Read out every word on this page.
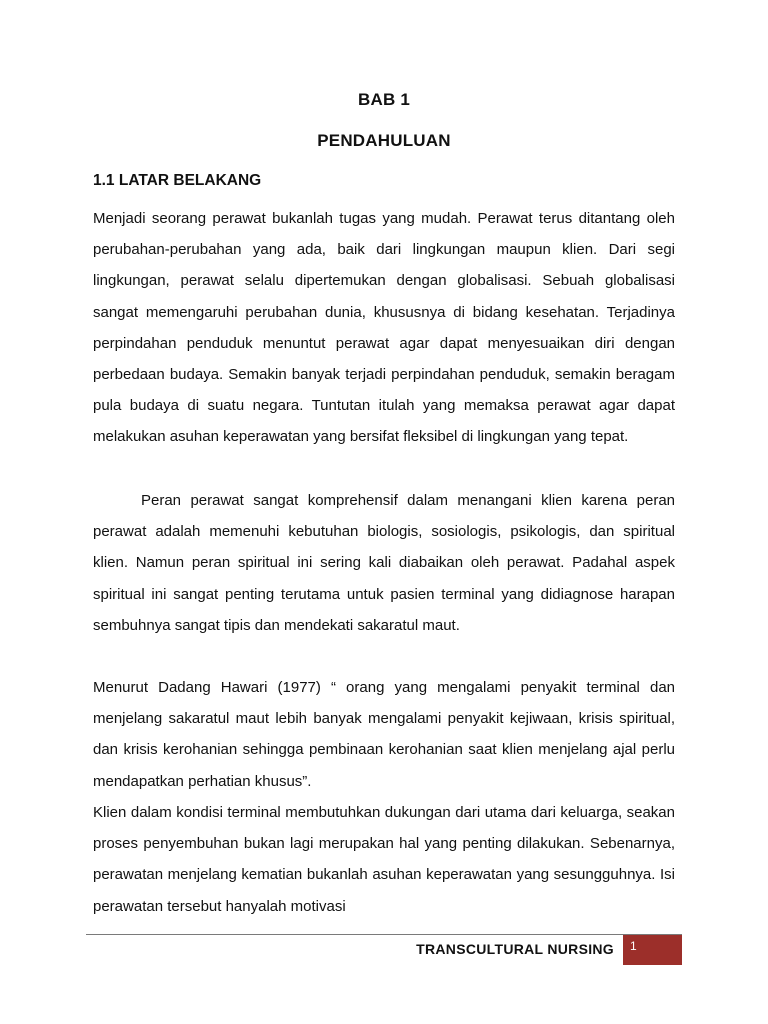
BAB 1
PENDAHULUAN
1.1 LATAR BELAKANG

Menjadi seorang perawat bukanlah tugas yang mudah. Perawat terus ditantang oleh perubahan-perubahan yang ada, baik dari lingkungan maupun klien. Dari segi lingkungan, perawat selalu dipertemukan dengan globalisasi. Sebuah globalisasi sangat memengaruhi perubahan dunia, khususnya di bidang kesehatan. Terjadinya perpindahan penduduk menuntut perawat agar dapat menyesuaikan diri dengan perbedaan budaya. Semakin banyak terjadi perpindahan penduduk, semakin beragam pula budaya di suatu negara. Tuntutan itulah yang memaksa perawat agar dapat melakukan asuhan keperawatan yang bersifat fleksibel di lingkungan yang tepat.

Peran perawat sangat komprehensif dalam menangani klien karena peran perawat adalah memenuhi kebutuhan biologis, sosiologis, psikologis, dan spiritual klien. Namun peran spiritual ini sering kali diabaikan oleh perawat. Padahal aspek spiritual ini sangat penting terutama untuk pasien terminal yang didiagnose harapan sembuhnya sangat tipis dan mendekati sakaratul maut.

Menurut Dadang Hawari (1977) “ orang yang mengalami penyakit terminal dan menjelang sakaratul maut lebih banyak mengalami penyakit kejiwaan, krisis spiritual, dan krisis kerohanian sehingga pembinaan kerohanian saat klien menjelang ajal perlu mendapatkan perhatian khusus”.

Klien dalam kondisi terminal membutuhkan dukungan dari utama dari keluarga, seakan proses penyembuhan bukan lagi merupakan hal yang penting dilakukan. Sebenarnya, perawatan menjelang kematian bukanlah asuhan keperawatan yang sesungguhnya. Isi perawatan tersebut hanyalah motivasi

TRANSCULTURAL NURSING 1
